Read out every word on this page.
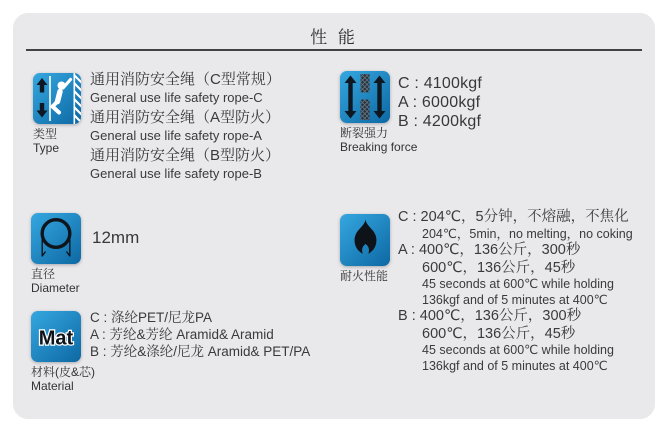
性 能
类型
Type
通用消防安全绳（C型常规）
General use life safety rope-C
通用消防安全绳（A型防火）
General use life safety rope-A
通用消防安全绳（B型防火）
General use life safety rope-B
断裂强力
Breaking force
C : 4100kgf
A : 6000kgf
B : 4200kgf
直径
Diameter
12mm
Mat
材料(皮&芯)
Material
C : 涤纶PET/尼龙PA
A : 芳纶&芳纶 Aramid& Aramid
B : 芳纶&涤纶/尼龙 Aramid& PET/PA
耐火性能
C : 204℃，5分钟，不熔融，不焦化
204℃，5min，no melting，no coking
A : 400℃，136公斤，300秒
600℃，136公斤，45秒
45 seconds at 600℃ while holding
136kgf and of 5 minutes at 400℃
B : 400℃，136公斤，300秒
600℃，136公斤，45秒
45 seconds at 600℃ while holding
136kgf and of 5 minutes at 400℃
